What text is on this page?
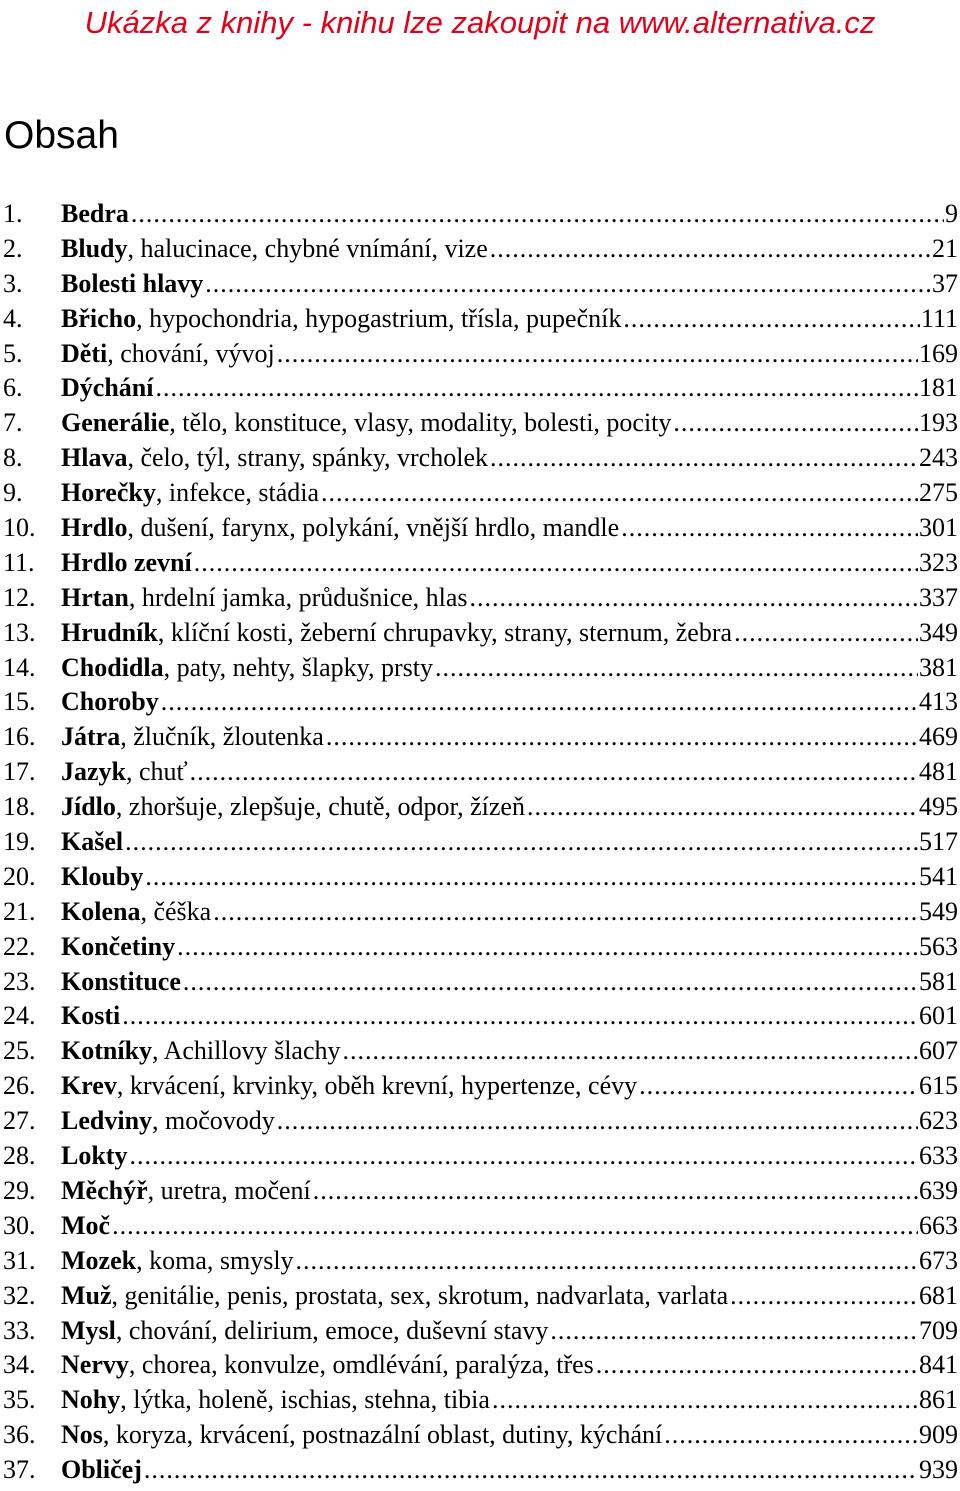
Ukázka z knihy - knihu lze zakoupit na www.alternativa.cz
Obsah
1.	Bedra .....	9
2.	Bludy, halucinace, chybné vnímání, vize .....	21
3.	Bolesti hlavy .....	37
4.	Břicho, hypochondria, hypogastrium, třísla, pupečník .....	111
5.	Děti, chování, vývoj .....	169
6.	Dýchání .....	181
7.	Generálie, tělo, konstituce, vlasy, modality, bolesti, pocity .....	193
8.	Hlava, čelo, týl, strany, spánky, vrcholek .....	243
9.	Horečky, infekce, stádia .....	275
10. Hrdlo, dušení, farynx, polykání, vnější hrdlo, mandle .....	301
11.	Hrdlo zevní .....	323
12. Hrtan, hrdelní jamka, průdušnice, hlas .....	337
13. Hrudník, klíční kosti, žeberní chrupavky, strany, sternum, žebra .....	349
14. Chodidla, paty, nehty, šlapky, prsty .....	381
15. Choroby .....	413
16. Játra, žlučník, žloutenka .....	469
17. Jazyk, chuť .....	481
18. Jídlo, zhoršuje, zlepšuje, chutě, odpor, žízeň .....	495
19. Kašel .....	517
20. Klouby .....	541
21. Kolena, čéška .....	549
22. Končetiny .....	563
23. Konstituce .....	581
24. Kosti .....	601
25. Kotníky, Achillovy šlachy .....	607
26. Krev, krvácení, krvinky, oběh krevní, hypertenze, cévy .....	615
27. Ledviny, močovody .....	623
28. Lokty .....	633
29. Měchýř, uretra, močení .....	639
30. Moč .....	663
31. Mozek, koma, smysly .....	673
32. Muž, genitálie, penis, prostata, sex, skrotum, nadvarlata, varlata .....	681
33. Mysl, chování, delirium, emoce, duševní stavy .....	709
34. Nervy, chorea, konvulze, omdlévání, paralýza, třes .....	841
35. Nohy, lýtka, holeně, ischias, stehna, tibia .....	861
36. Nos, koryza, krvácení, postnazální oblast, dutiny, kýchání .....	909
37. Obličej .....	939
